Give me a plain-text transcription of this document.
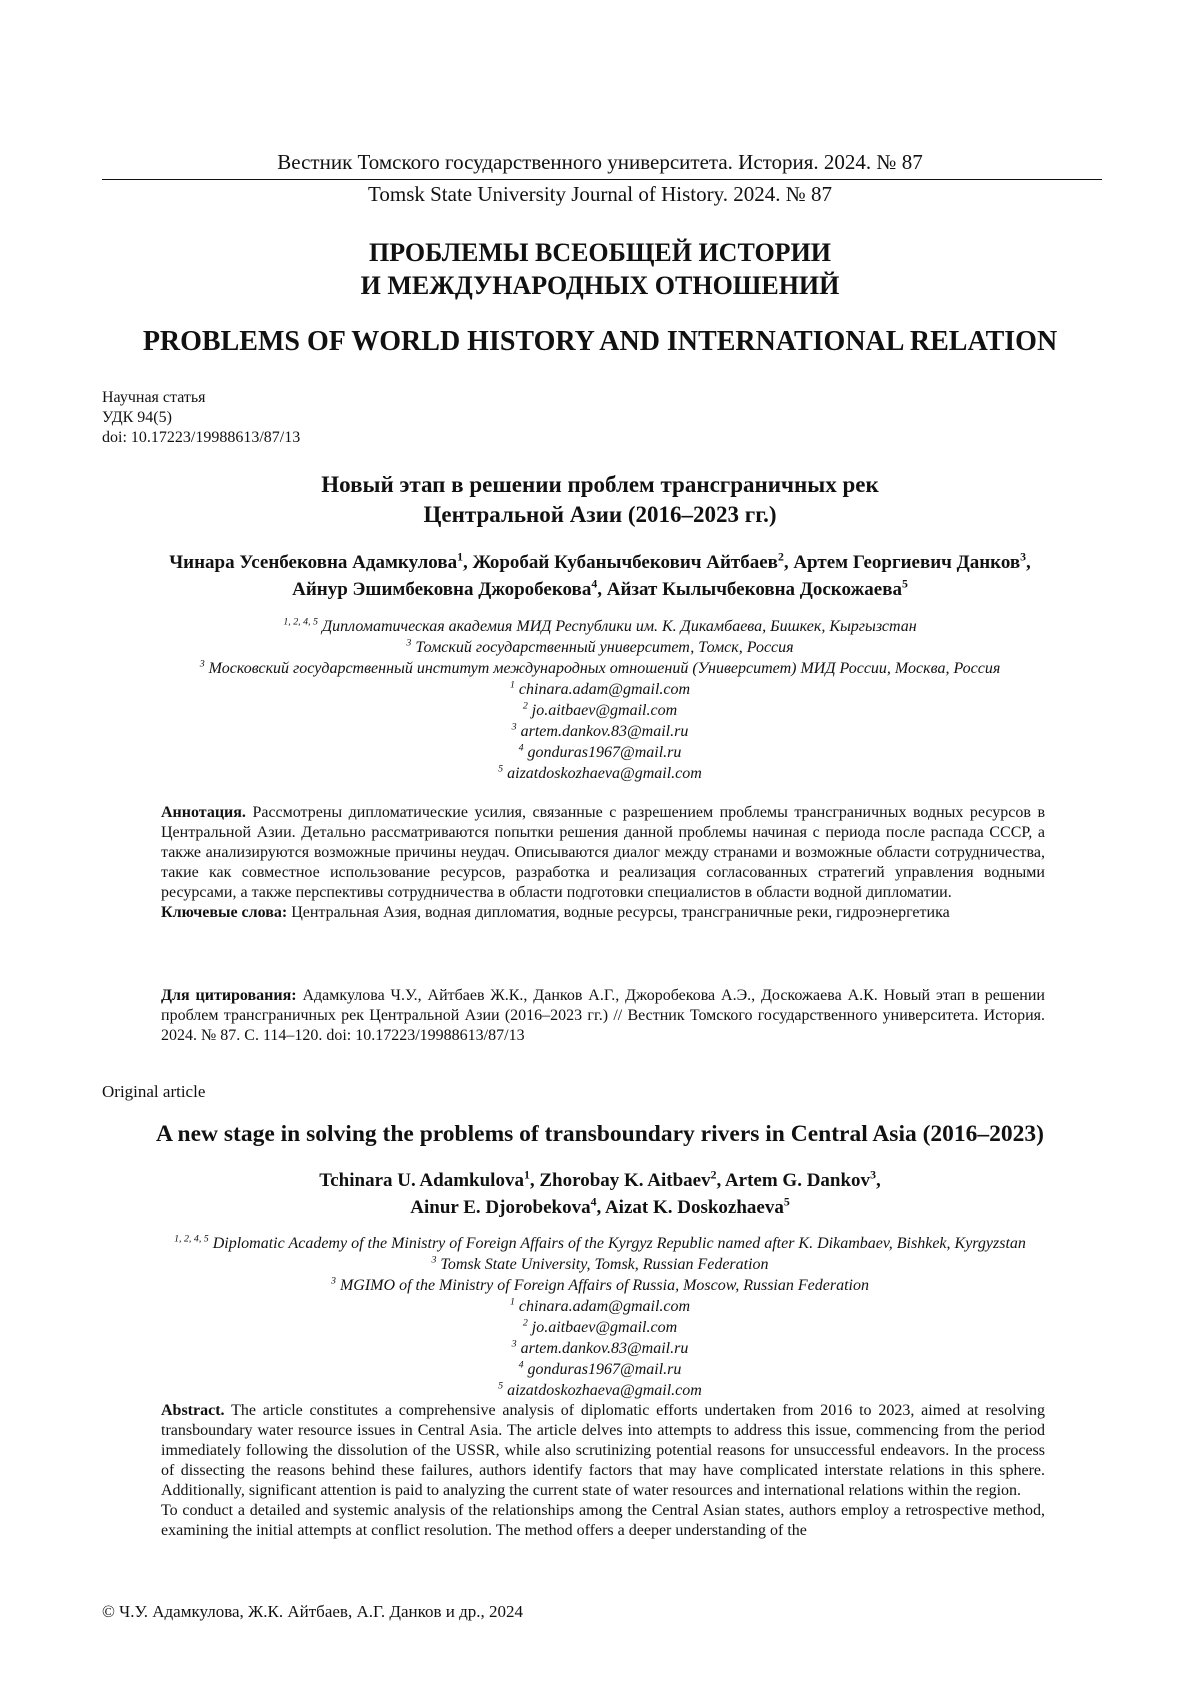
Вестник Томского государственного университета. История. 2024. № 87
Tomsk State University Journal of History. 2024. № 87
ПРОБЛЕМЫ ВСЕОБЩЕЙ ИСТОРИИ
И МЕЖДУНАРОДНЫХ ОТНОШЕНИЙ
PROBLEMS OF WORLD HISTORY AND INTERNATIONAL RELATION
Научная статья
УДК 94(5)
doi: 10.17223/19988613/87/13
Новый этап в решении проблем трансграничных рек
Центральной Азии (2016–2023 гг.)
Чинара Усенбековна Адамкулова$^1$, Жоробай Кубанычбекович Айтбаев$^2$, Артем Георгиевич Данков$^3$,
Айнур Эшимбековна Джоробекова$^4$, Айзат Кылычбековна Доскожаева$^5$
$^{1, 2, 4, 5}$ Дипломатическая академия МИД Республики им. К. Дикамбаева, Бишкек, Кыргызстан
$^3$ Томский государственный университет, Томск, Россия
$^3$ Московский государственный институт международных отношений (Университет) МИД России, Москва, Россия
$^1$ chinara.adam@gmail.com
$^2$ jo.aitbaev@gmail.com
$^3$ artem.dankov.83@mail.ru
$^4$ gonduras1967@mail.ru
$^5$ aizatdoskozhaeva@gmail.com

Аннотация. Рассмотрены дипломатические усилия, связанные с разрешением проблемы трансграничных водных ресурсов в Центральной Азии. Детально рассматриваются попытки решения данной проблемы начиная с периода после распада СССР, а также анализируются возможные причины неудач. Описываются диалог между странами и возможные области сотрудничества, такие как совместное использование ресурсов, разработка и реализация согласованных стратегий управления водными ресурсами, а также перспективы сотрудничества в области подготовки специалистов в области водной дипломатии.

Ключевые слова: Центральная Азия, водная дипломатия, водные ресурсы, трансграничные реки, гидроэнергетика

Для цитирования: Адамкулова Ч.У., Айтбаев Ж.К., Данков А.Г., Джоробекова А.Э., Доскожаева А.К. Новый этап в решении проблем трансграничных рек Центральной Азии (2016–2023 гг.) // Вестник Томского государственного университета. История. 2024. № 87. С. 114–120. doi: 10.17223/19988613/87/13
Original article
A new stage in solving the problems of transboundary rivers in Central Asia (2016–2023)
Tchinara U. Adamkulova$^1$, Zhorobay K. Aitbaev$^2$, Artem G. Dankov$^3$,
Ainur E. Djorobekova$^4$, Aizat K. Doskozhaeva$^5$
$^{1, 2, 4, 5}$ Diplomatic Academy of the Ministry of Foreign Affairs of the Kyrgyz Republic named after K. Dikambaev, Bishkek, Kyrgyzstan
$^3$ Tomsk State University, Tomsk, Russian Federation
$^3$ MGIMO of the Ministry of Foreign Affairs of Russia, Moscow, Russian Federation
$^1$ chinara.adam@gmail.com
$^2$ jo.aitbaev@gmail.com
$^3$ artem.dankov.83@mail.ru
$^4$ gonduras1967@mail.ru
$^5$ aizatdoskozhaeva@gmail.com

Abstract. The article constitutes a comprehensive analysis of diplomatic efforts undertaken from 2016 to 2023, aimed at resolving transboundary water resource issues in Central Asia. The article delves into attempts to address this issue, commencing from the period immediately following the dissolution of the USSR, while also scrutinizing potential reasons for unsuccessful endeavors. In the process of dissecting the reasons behind these failures, authors identify factors that may have complicated interstate relations in this sphere. Additionally, significant attention is paid to analyzing the current state of water resources and international relations within the region.

To conduct a detailed and systemic analysis of the relationships among the Central Asian states, authors employ a retrospective method, examining the initial attempts at conflict resolution. The method offers a deeper understanding of the

© Ч.У. Адамкулова, Ж.К. Айтбаев, А.Г. Данков и др., 2024
